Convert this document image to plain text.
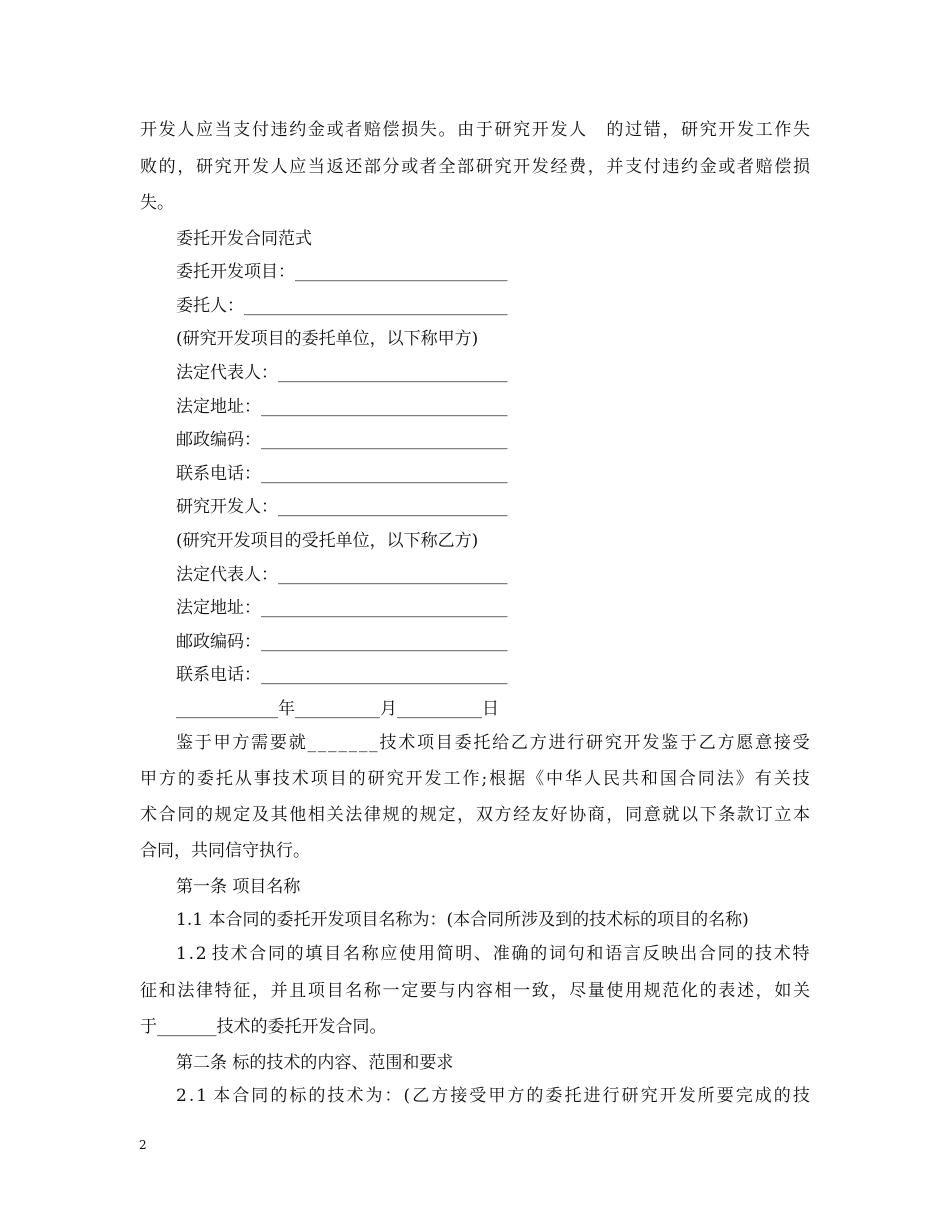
开 发 人 应 当 支 付 违 约 金 或 者 赔 偿 损 失 。 由 于 研 究 开 发 人
　 的 过 错 ， 研 究 开 发 工 作 失
败 的 ， 研 究 开 发 人 应 当 返 还 部 分 或 者 全 部 研 究 开 发 经 费 ， 并 支 付 违 约 金 或 者 赔 偿 损
失。
委托开发合同范式
委托开发项目：_________________________
委托人：_______________________________
(研究开发项目的委托单位，以下称甲方)
法定代表人：___________________________
法定地址：_____________________________
邮政编码：_____________________________
联系电话：_____________________________
研究开发人：___________________________
(研究开发项目的受托单位，以下称乙方)
法定代表人：___________________________
法定地址：_____________________________
邮政编码：_____________________________
联系电话：_____________________________
____________年__________月__________日
鉴 于 甲 方 需 要 就 _ _ _ _ _ _ _ 技 术 项 目 委 托 给 乙 方 进 行 研 究 开 发 鉴 于 乙 方 愿 意 接 受
甲 方 的 委 托 从 事 技 术 项 目 的 研 究 开 发 工 作 ; 根 据 《 中 华 人 民 共 和 国 合 同 法 》 有 关 技
术 合 同 的 规 定 及 其 他 相 关 法 律 规 的 规 定 ， 双 方 经 友 好 协 商 ， 同 意 就 以 下 条 款 订 立 本
合同，共同信守执行。
第一条 项目名称
1.1 本合同的委托开发项目名称为：(本合同所涉及到的技术标的项目的名称)
1 . 2 技 术 合 同 的 填 目 名 称 应 使 用 简 明 、 准 确 的 词 句 和 语 言 反 映 出 合 同 的 技 术 特
征 和 法 律 特 征 ， 并 且 项 目 名 称 一 定 要 与 内 容 相 一 致 ， 尽 量 使 用 规 范 化 的 表 述 ， 如 关
于_______技术的委托开发合同。
第二条 标的技术的内容、范围和要求
2 . 1 本 合 同 的 标 的 技 术 为 ： ( 乙 方 接 受 甲 方 的 委 托 进 行 研 究 开 发 所 要 完 成 的 技
2
